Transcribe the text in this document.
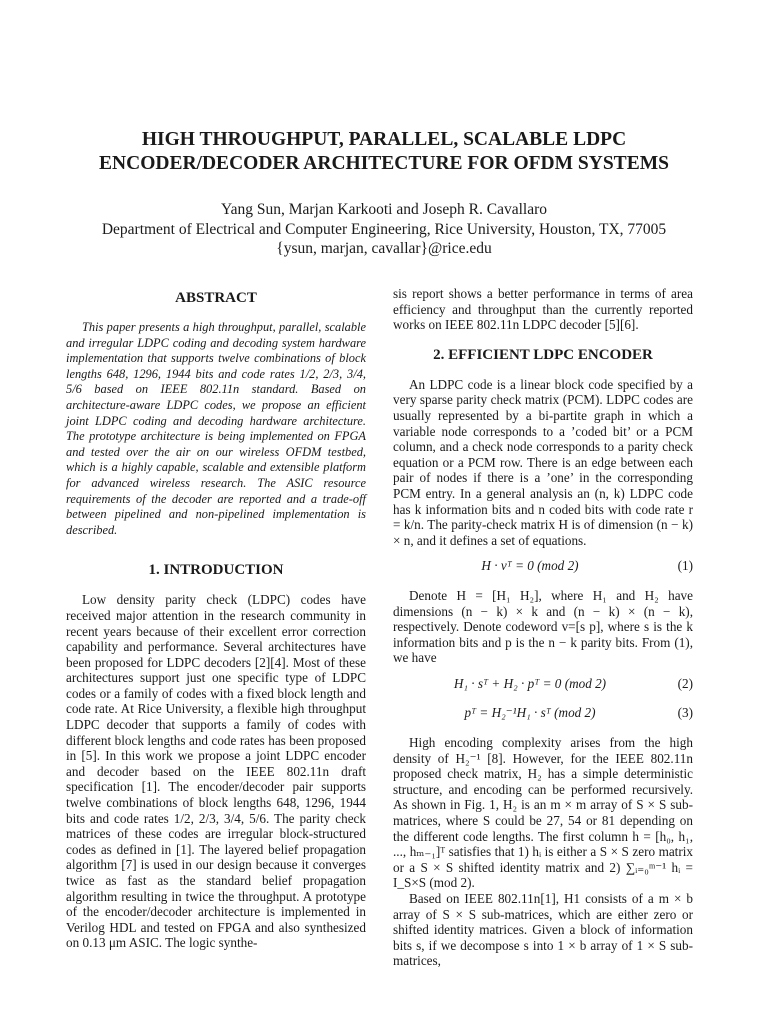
HIGH THROUGHPUT, PARALLEL, SCALABLE LDPC
ENCODER/DECODER ARCHITECTURE FOR OFDM SYSTEMS
Yang Sun, Marjan Karkooti and Joseph R. Cavallaro
Department of Electrical and Computer Engineering, Rice University, Houston, TX, 77005
{ysun, marjan, cavallar}@rice.edu
ABSTRACT

This paper presents a high throughput, parallel, scalable and irregular LDPC coding and decoding system hardware implementation that supports twelve combinations of block lengths 648, 1296, 1944 bits and code rates 1/2, 2/3, 3/4, 5/6 based on IEEE 802.11n standard. Based on architecture-aware LDPC codes, we propose an efficient joint LDPC coding and decoding hardware architecture. The prototype architecture is being implemented on FPGA and tested over the air on our wireless OFDM testbed, which is a highly capable, scalable and extensible platform for advanced wireless research. The ASIC resource requirements of the decoder are reported and a trade-off between pipelined and non-pipelined implementation is described.

1. INTRODUCTION

Low density parity check (LDPC) codes have received major attention in the research community in recent years because of their excellent error correction capability and performance. Several architectures have been proposed for LDPC decoders [2][4]. Most of these architectures support just one specific type of LDPC codes or a family of codes with a fixed block length and code rate. At Rice University, a flexible high throughput LDPC decoder that supports a family of codes with different block lengths and code rates has been proposed in [5]. In this work we propose a joint LDPC encoder and decoder based on the IEEE 802.11n draft specification [1]. The encoder/decoder pair supports twelve combinations of block lengths 648, 1296, 1944 bits and code rates 1/2, 2/3, 3/4, 5/6. The parity check matrices of these codes are irregular block-structured codes as defined in [1]. The layered belief propagation algorithm [7] is used in our design because it converges twice as fast as the standard belief propagation algorithm resulting in twice the throughput. A prototype of the encoder/decoder architecture is implemented in Verilog HDL and tested on FPGA and also synthesized on 0.13 μm ASIC. The logic synthe-

sis report shows a better performance in terms of area efficiency and throughput than the currently reported works on IEEE 802.11n LDPC decoder [5][6].

2. EFFICIENT LDPC ENCODER

An LDPC code is a linear block code specified by a very sparse parity check matrix (PCM). LDPC codes are usually represented by a bi-partite graph in which a variable node corresponds to a ’coded bit’ or a PCM column, and a check node corresponds to a parity check equation or a PCM row. There is an edge between each pair of nodes if there is a ’one’ in the corresponding PCM entry. In a general analysis an (n, k) LDPC code has k information bits and n coded bits with code rate r = k/n. The parity-check matrix H is of dimension (n − k) × n, and it defines a set of equations.

H · vᵀ = 0 (mod 2)	(1)

Denote H = [H₁ H₂], where H₁ and H₂ have dimensions (n − k) × k and (n − k) × (n − k), respectively. Denote codeword v=[s p], where s is the k information bits and p is the n − k parity bits. From (1), we have

H₁ · sᵀ + H₂ · pᵀ = 0 (mod 2)	(2)
pᵀ = H₂⁻¹H₁ · sᵀ (mod 2)	(3)

High encoding complexity arises from the high density of H₂⁻¹ [8]. However, for the IEEE 802.11n proposed check matrix, H₂ has a simple deterministic structure, and encoding can be performed recursively. As shown in Fig. 1, H₂ is an m × m array of S × S sub-matrices, where S could be 27, 54 or 81 depending on the different code lengths. The first column h = [h₀, h₁, ..., hₘ₋₁]ᵀ satisfies that 1) hᵢ is either a S × S zero matrix or a S × S shifted identity matrix and 2) ∑ᵢ₌₀ᵐ⁻¹ hᵢ = I_S×S (mod 2).

Based on IEEE 802.11n[1], H1 consists of a m × b array of S × S sub-matrices, which are either zero or shifted identity matrices. Given a block of information bits s, if we decompose s into 1 × b array of 1 × S sub-matrices,
